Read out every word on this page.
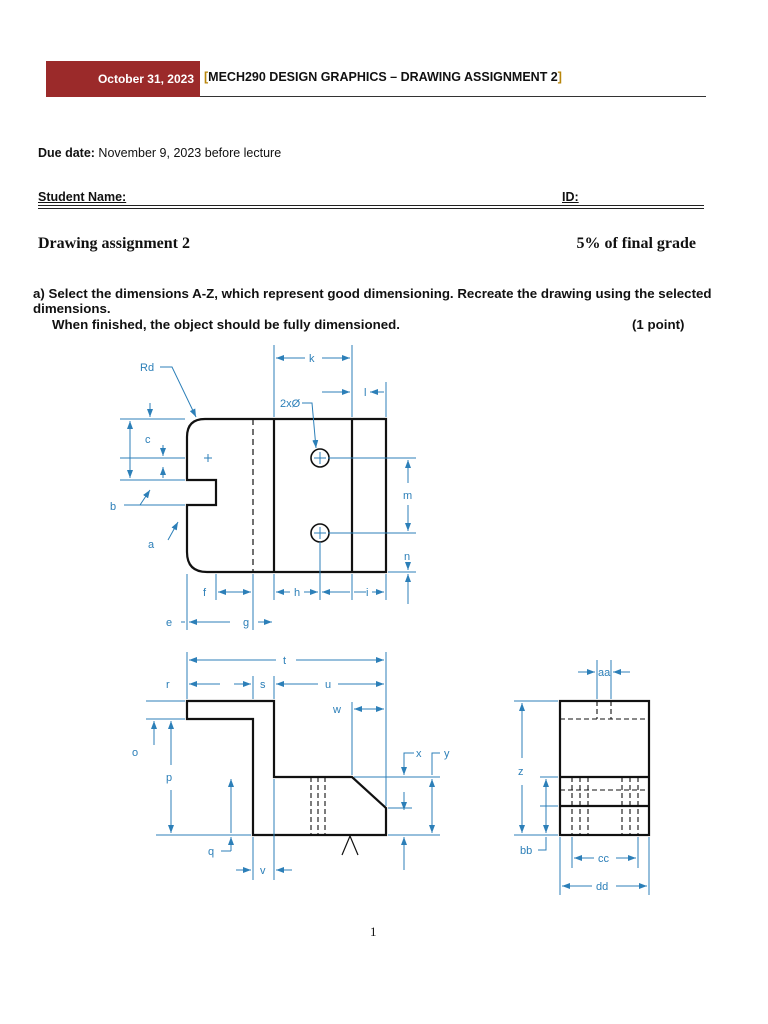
October 31, 2023 [MECH290 DESIGN GRAPHICS – DRAWING ASSIGNMENT 2]
Due date: November 9, 2023 before lecture
Student Name:	ID:
Drawing assignment 2	5% of final grade
a) Select the dimensions A-Z, which represent good dimensioning. Recreate the drawing using the selected dimensions.
When finished, the object should be fully dimensioned.	(1 point)
Rd
k
l
2xØ
c
b
a
m
n
f	h	i
e	g
t
r	s	u
w
o
p
x y
q
v
aa
z
bb
cc
dd
1
